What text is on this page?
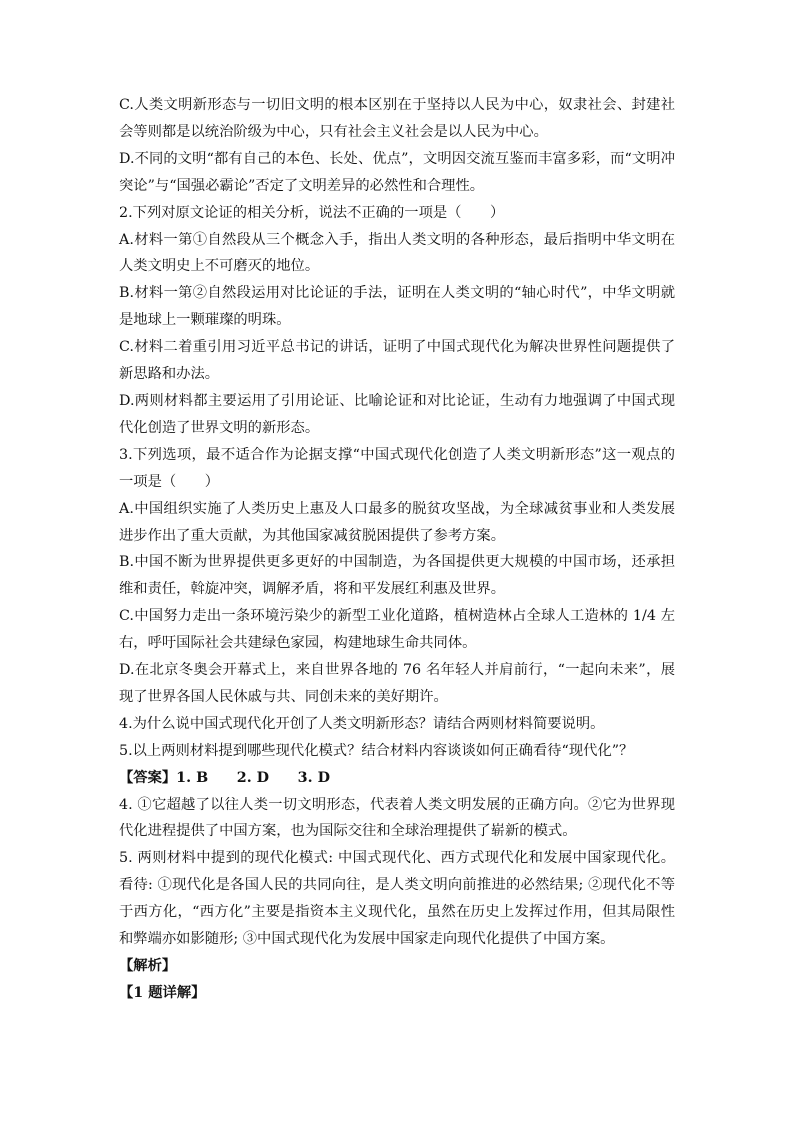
C.人类文明新形态与一切旧文明的根本区别在于坚持以人民为中心，奴隶社会、封建社会等则都是以统治阶级为中心，只有社会主义社会是以人民为中心。

D.不同的文明“都有自己的本色、长处、优点”，文明因交流互鉴而丰富多彩，而“文明冲突论”与“国强必霸论”否定了文明差异的必然性和合理性。

2.下列对原文论证的相关分析，说法不正确的一项是（　　）

A.材料一第①自然段从三个概念入手，指出人类文明的各种形态，最后指明中华文明在人类文明史上不可磨灭的地位。

B.材料一第②自然段运用对比论证的手法，证明在人类文明的“轴心时代”，中华文明就是地球上一颗璀璨的明珠。

C.材料二着重引用习近平总书记的讲话，证明了中国式现代化为解决世界性问题提供了新思路和办法。

D.两则材料都主要运用了引用论证、比喻论证和对比论证，生动有力地强调了中国式现代化创造了世界文明的新形态。

3.下列选项，最不适合作为论据支撑“中国式现代化创造了人类文明新形态”这一观点的一项是（　　）

A.中国组织实施了人类历史上惠及人口最多的脱贫攻坚战，为全球减贫事业和人类发展进步作出了重大贡献，为其他国家减贫脱困提供了参考方案。

B.中国不断为世界提供更多更好的中国制造，为各国提供更大规模的中国市场，还承担维和责任，斡旋冲突，调解矛盾，将和平发展红利惠及世界。

C.中国努力走出一条环境污染少的新型工业化道路，植树造林占全球人工造林的 1/4 左右，呼吁国际社会共建绿色家园，构建地球生命共同体。

D.在北京冬奥会开幕式上，来自世界各地的 76 名年轻人并肩前行，“一起向未来”，展现了世界各国人民休戚与共、同创未来的美好期许。

4.为什么说中国式现代化开创了人类文明新形态？请结合两则材料简要说明。

5.以上两则材料提到哪些现代化模式？结合材料内容谈谈如何正确看待“现代化”？

【答案】1. B　　2. D　　3. D

4. ①它超越了以往人类一切文明形态，代表着人类文明发展的正确方向。②它为世界现代化进程提供了中国方案，也为国际交往和全球治理提供了崭新的模式。

5. 两则材料中提到的现代化模式: 中国式现代化、西方式现代化和发展中国家现代化。看待: ①现代化是各国人民的共同向往，是人类文明向前推进的必然结果; ②现代化不等于西方化，“西方化”主要是指资本主义现代化，虽然在历史上发挥过作用，但其局限性和弊端亦如影随形; ③中国式现代化为发展中国家走向现代化提供了中国方案。

【解析】

【1 题详解】
